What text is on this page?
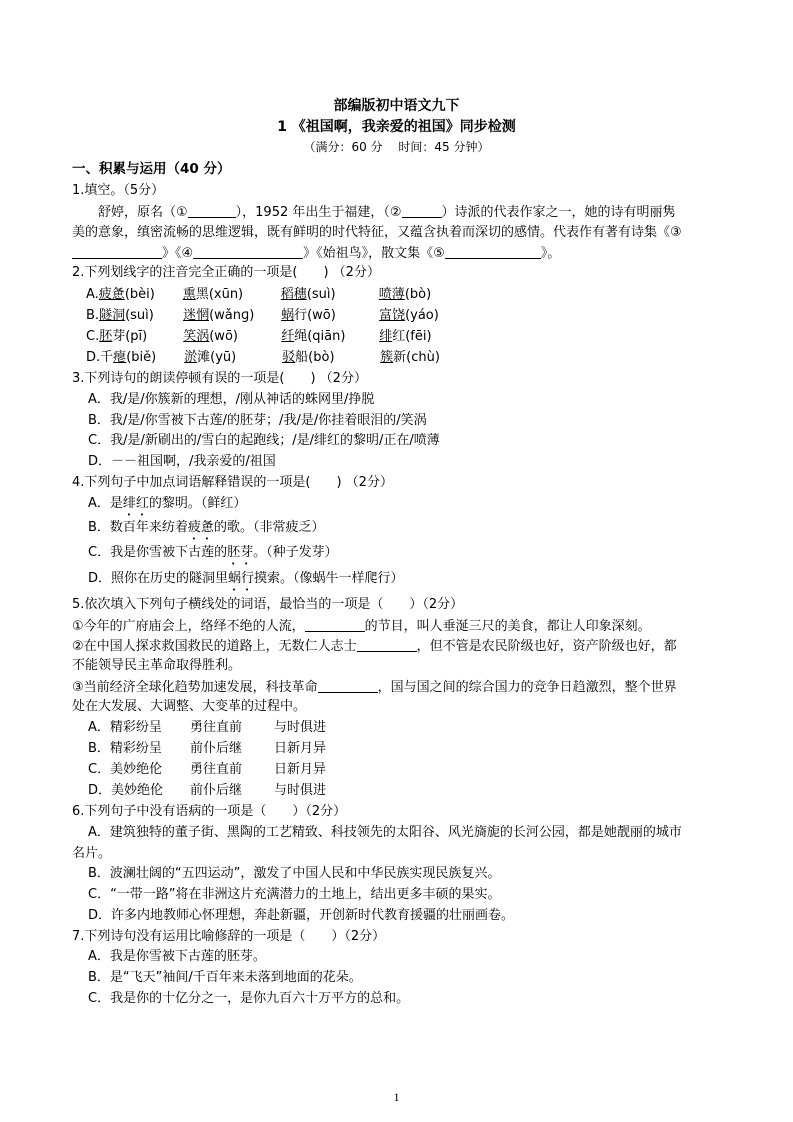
部编版初中语文九下
1 《祖国啊，我亲爱的祖国》同步检测
（满分：60 分　 时间：45 分钟）
一、积累与运用（40 分）
1.填空。（5分）
舒婷，原名（①	），1952 年出生于福建，（②	）诗派的代表作家之一，她的诗有明丽隽
美的意象，缜密流畅的思维逻辑，既有鲜明的时代特征，又蕴含执着而深切的感情。代表作有著有诗集《③
》《④	》《始祖鸟》，散文集《⑤	》。
2.下列划线字的注音完全正确的一项是(　　) （2分）
A.疲惫(bèi) 熏黑(xūn)	稻穗(suì)	喷薄(bò)
B.隧洞(suì) 迷惘(wǎnɡ) 蜗行(wō)	富饶(yáo)
C.胚芽(pī)	笑涡(wō)	纤绳(qiān)	绯红(fēi)
D.千瘪(biě) 淤滩(yū)	驳船(bò)	簇新(chù)
3.下列诗句的朗读停顿有误的一项是(　　) （2分）
A．我/是/你簇新的理想，/刚从神话的蛛网里/挣脱
B．我/是/你雪被下古莲/的胚芽；/我/是/你挂着眼泪的/笑涡
C．我/是/新刷出的/雪白的起跑线；/是/绯红的黎明/正在/喷薄
D．－－祖国啊，/我亲爱的/祖国
4.下列句子中加点词语解释错误的一项是(　　) （2分）
A．是绯红的黎明。（鲜红）
B．数百年来纺着疲惫的歌。（非常疲乏）
C．我是你雪被下古莲的胚芽。（种子发芽）
D．照你在历史的隧洞里蜗行摸索。（像蜗牛一样爬行）
5.依次填入下列句子横线处的词语，最恰当的一项是（　　）（2分）
①今年的广府庙会上，络绎不绝的人流，	的节目，叫人垂涎三尺的美食，都让人印象深刻。
②在中国人探求救国救民的道路上，无数仁人志士	，但不管是农民阶级也好，资产阶级也好，都
不能领导民主革命取得胜利。
③当前经济全球化趋势加速发展，科技革命	，国与国之间的综合国力的竞争日趋激烈，整个世界
处在大发展、大调整、大变革的过程中。
A．精彩纷呈 勇往直前 与时俱进
B．精彩纷呈 前仆后继 日新月异
C．美妙绝伦 勇往直前 日新月异
D．美妙绝伦 前仆后继 与时俱进
6.下列句子中没有语病的一项是（　　）（2分）
A．建筑独特的董子街、黑陶的工艺精致、科技领先的太阳谷、风光旖旎的长河公园，都是她靓丽的城市
名片。
B．波澜壮阔的“五四运动”，激发了中国人民和中华民族实现民族复兴。
C．“一带一路”将在非洲这片充满潜力的土地上，结出更多丰硕的果实。
D．许多内地教师心怀理想，奔赴新疆，开创新时代教育援疆的壮丽画卷。
7.下列诗句没有运用比喻修辞的一项是（　　）（2分）
A．我是你雪被下古莲的胚芽。
B．是“飞天”袖间/千百年来未落到地面的花朵。
C．我是你的十亿分之一，是你九百六十万平方的总和。
1
